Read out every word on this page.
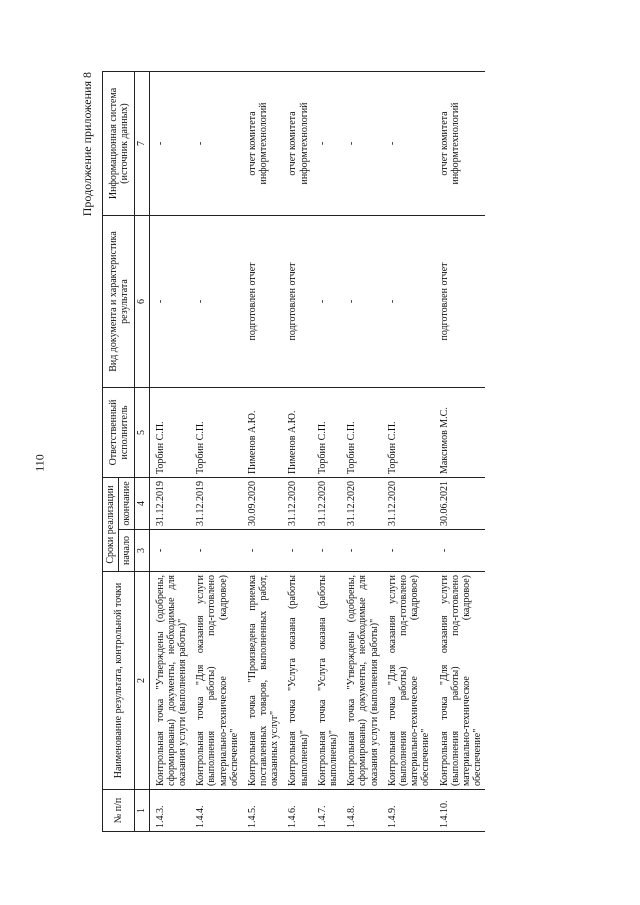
110
Продолжение приложения 8
№ п/п	Наименование результата, контрольной точки	Сроки реализации		Ответственный исполнитель	Вид документа и характеристика результата	Информационная система (источник данных)
		начало	окончание			
1	2	3	4	5	6	7
1.4.3.	Контрольная точка "Утверждены (одобрены, сформированы) документы, необходимые для оказания услуги (выполнения работы)"	-	31.12.2019	Торбин С.П.	-	-
1.4.4.	Контрольная точка "Для оказания услуги (выполнения работы) под-готовлено материально-техническое (кадровое) обеспечение"	-	31.12.2019	Торбин С.П.	-	-
1.4.5.	Контрольная точка "Произведена приемка поставленных товаров, выполненных работ, оказанных услуг"	-	30.09.2020	Пименов А.Ю.	подготовлен отчет	отчет комитета информтехнологий
1.4.6.	Контрольная точка "Услуга оказана (работы выполнены)"	-	31.12.2020	Пименов А.Ю.	подготовлен отчет	отчет комитета информтехнологий
1.4.7.	Контрольная точка "Услуга оказана (работы выполнены)"	-	31.12.2020	Торбин С.П.	-	-
1.4.8.	Контрольная точка "Утверждены (одобрены, сформированы) документы, необходимые для оказания услуги (выполнения работы)"	-	31.12.2020	Торбин С.П.	-	-
1.4.9.	Контрольная точка "Для оказания услуги (выполнения работы) под-готовлено материально-техническое (кадровое) обеспечение"	-	31.12.2020	Торбин С.П.	-	-
1.4.10.	Контрольная точка "Для оказания услуги (выполнения работы) под-готовлено материально-техническое (кадровое) обеспечение"	-	30.06.2021	Максимов М.С.	подготовлен отчет	отчет комитета информтехнологий
